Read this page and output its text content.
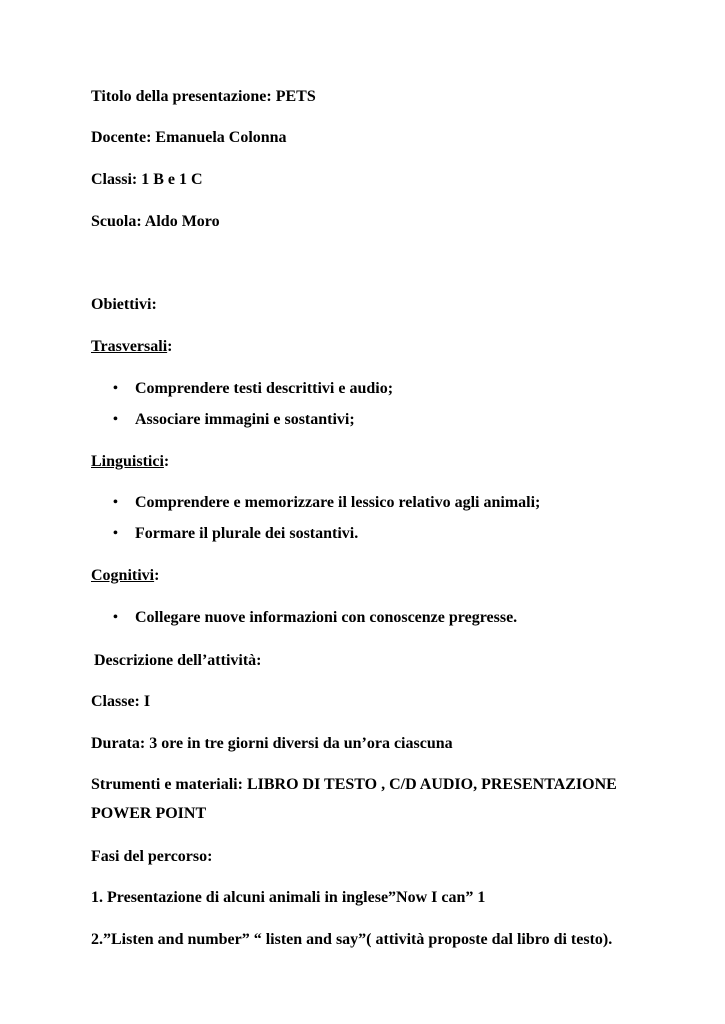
Titolo della presentazione: PETS
Docente: Emanuela Colonna
Classi: 1 B e 1 C
Scuola: Aldo Moro
Obiettivi:
Trasversali:
• Comprendere testi descrittivi e audio;
• Associare immagini e sostantivi;
Linguistici:
• Comprendere e memorizzare il lessico relativo agli animali;
• Formare il plurale dei sostantivi.
Cognitivi:
• Collegare nuove informazioni con conoscenze pregresse.
Descrizione dell’attività:
Classe: I
Durata: 3 ore in tre giorni diversi da un’ora ciascuna
Strumenti e materiali: LIBRO DI TESTO , C/D AUDIO, PRESENTAZIONE
POWER POINT
Fasi del percorso:
1. Presentazione di alcuni animali in inglese”Now I can” 1
2.”Listen and number” “ listen and say”( attività proposte dal libro di testo).
